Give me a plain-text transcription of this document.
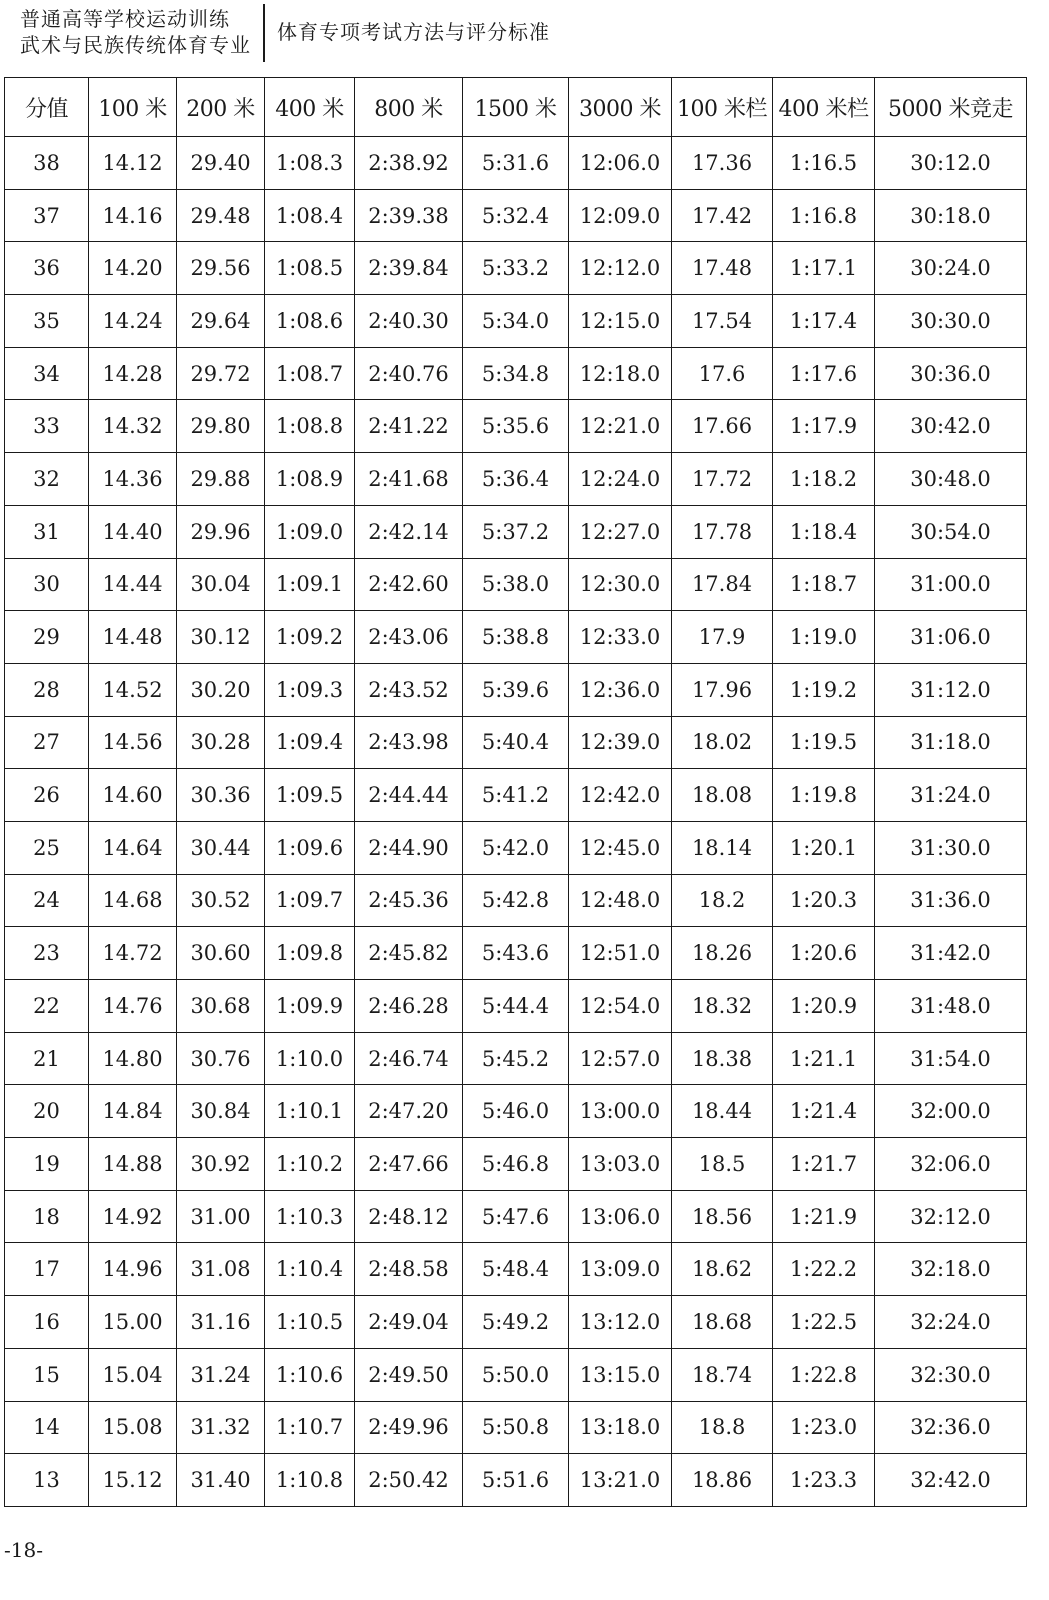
普通高等学校运动训练
武术与民族传统体育专业
体育专项考试方法与评分标准
分值	100 米	200 米	400 米	800 米	1500 米	3000 米	100 米栏	400 米栏	5000 米竞走
38	14.12	29.40	1:08.3	2:38.92	5:31.6	12:06.0	17.36	1:16.5	30:12.0
37	14.16	29.48	1:08.4	2:39.38	5:32.4	12:09.0	17.42	1:16.8	30:18.0
36	14.20	29.56	1:08.5	2:39.84	5:33.2	12:12.0	17.48	1:17.1	30:24.0
35	14.24	29.64	1:08.6	2:40.30	5:34.0	12:15.0	17.54	1:17.4	30:30.0
34	14.28	29.72	1:08.7	2:40.76	5:34.8	12:18.0	17.6	1:17.6	30:36.0
33	14.32	29.80	1:08.8	2:41.22	5:35.6	12:21.0	17.66	1:17.9	30:42.0
32	14.36	29.88	1:08.9	2:41.68	5:36.4	12:24.0	17.72	1:18.2	30:48.0
31	14.40	29.96	1:09.0	2:42.14	5:37.2	12:27.0	17.78	1:18.4	30:54.0
30	14.44	30.04	1:09.1	2:42.60	5:38.0	12:30.0	17.84	1:18.7	31:00.0
29	14.48	30.12	1:09.2	2:43.06	5:38.8	12:33.0	17.9	1:19.0	31:06.0
28	14.52	30.20	1:09.3	2:43.52	5:39.6	12:36.0	17.96	1:19.2	31:12.0
27	14.56	30.28	1:09.4	2:43.98	5:40.4	12:39.0	18.02	1:19.5	31:18.0
26	14.60	30.36	1:09.5	2:44.44	5:41.2	12:42.0	18.08	1:19.8	31:24.0
25	14.64	30.44	1:09.6	2:44.90	5:42.0	12:45.0	18.14	1:20.1	31:30.0
24	14.68	30.52	1:09.7	2:45.36	5:42.8	12:48.0	18.2	1:20.3	31:36.0
23	14.72	30.60	1:09.8	2:45.82	5:43.6	12:51.0	18.26	1:20.6	31:42.0
22	14.76	30.68	1:09.9	2:46.28	5:44.4	12:54.0	18.32	1:20.9	31:48.0
21	14.80	30.76	1:10.0	2:46.74	5:45.2	12:57.0	18.38	1:21.1	31:54.0
20	14.84	30.84	1:10.1	2:47.20	5:46.0	13:00.0	18.44	1:21.4	32:00.0
19	14.88	30.92	1:10.2	2:47.66	5:46.8	13:03.0	18.5	1:21.7	32:06.0
18	14.92	31.00	1:10.3	2:48.12	5:47.6	13:06.0	18.56	1:21.9	32:12.0
17	14.96	31.08	1:10.4	2:48.58	5:48.4	13:09.0	18.62	1:22.2	32:18.0
16	15.00	31.16	1:10.5	2:49.04	5:49.2	13:12.0	18.68	1:22.5	32:24.0
15	15.04	31.24	1:10.6	2:49.50	5:50.0	13:15.0	18.74	1:22.8	32:30.0
14	15.08	31.32	1:10.7	2:49.96	5:50.8	13:18.0	18.8	1:23.0	32:36.0
13	15.12	31.40	1:10.8	2:50.42	5:51.6	13:21.0	18.86	1:23.3	32:42.0
-18-
